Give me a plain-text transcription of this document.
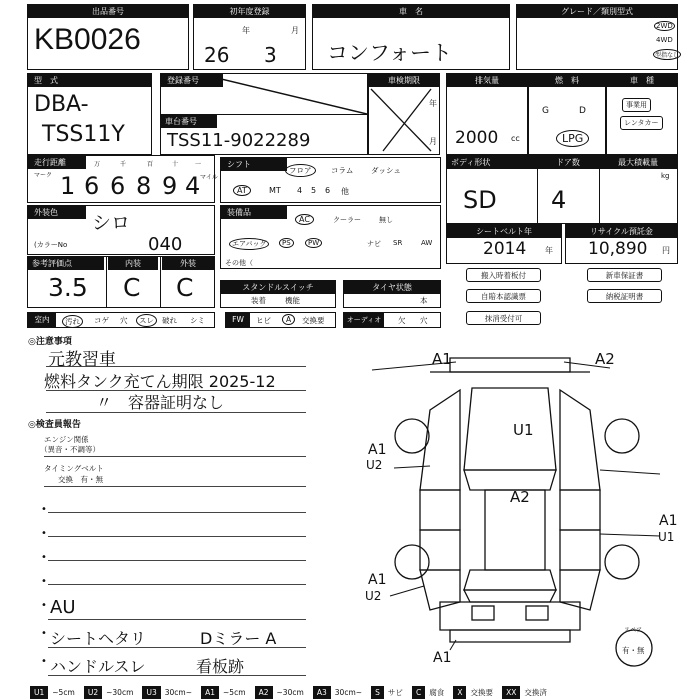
出品番号
KB0026
初年度登録
年	月
26 3
車　名
コンフォート
グレード／類別型式
2WD
4WD
型指なし
型　式
DBA-
TSS11Y
登録番号
車台番号
TSS11-9022289
車検期限
年
月
排気量
2000 cc
燃　料
G	D
LPG
車　種
事業用
レンタカー
走行距離
マーク
万	千	百	十	一
マイル
1 6 6 8 9 4
シフト
フロア	コラム ダッシュ
AT	MT 4 5 6 他
ボディ形状	ドア数	最大積載量
SD 4
kg
外装色	シロ
(カラーNo	040
装備品
AC	クーラー	無し
エアバッグ	PS	PW	ナビ SR	AW
その他（
シートベルト年
2014 年
リサイクル預託金
10,890 円
参考評価点	内装	外装
3.5 C C	スタンドルスイッチ
装着	機能
タイヤ状態
本
搬入時着板付	新車保証書
自賠本認識票	納税証明書
抹消受付可
室内	汚れ	コゲ 穴	スレ	破れ シミ	FW	ヒビ	A	交換要	オーディオ	欠 穴
◎注意事項
元教習車
燃料タンク充てん期限 2025-12
〃　容器証明なし
◎検査員報告
エンジン関係
（異音・不調等）
タイミングベルト
交換　有・無
•
•
•
•
• AU
• シートヘタリ	Dミラー A
• ハンドルスレ	看板跡
A1	A2
U1
A1
U2
A2
A1
U1
A1
U2
A1
スペア
有・無
U1 ~5cm U2 ~30cm U3 30cm~ A1 ~5cm A2 ~30cm A3 30cm~ S サビ C 腐食 X 交換要 XX 交換済
